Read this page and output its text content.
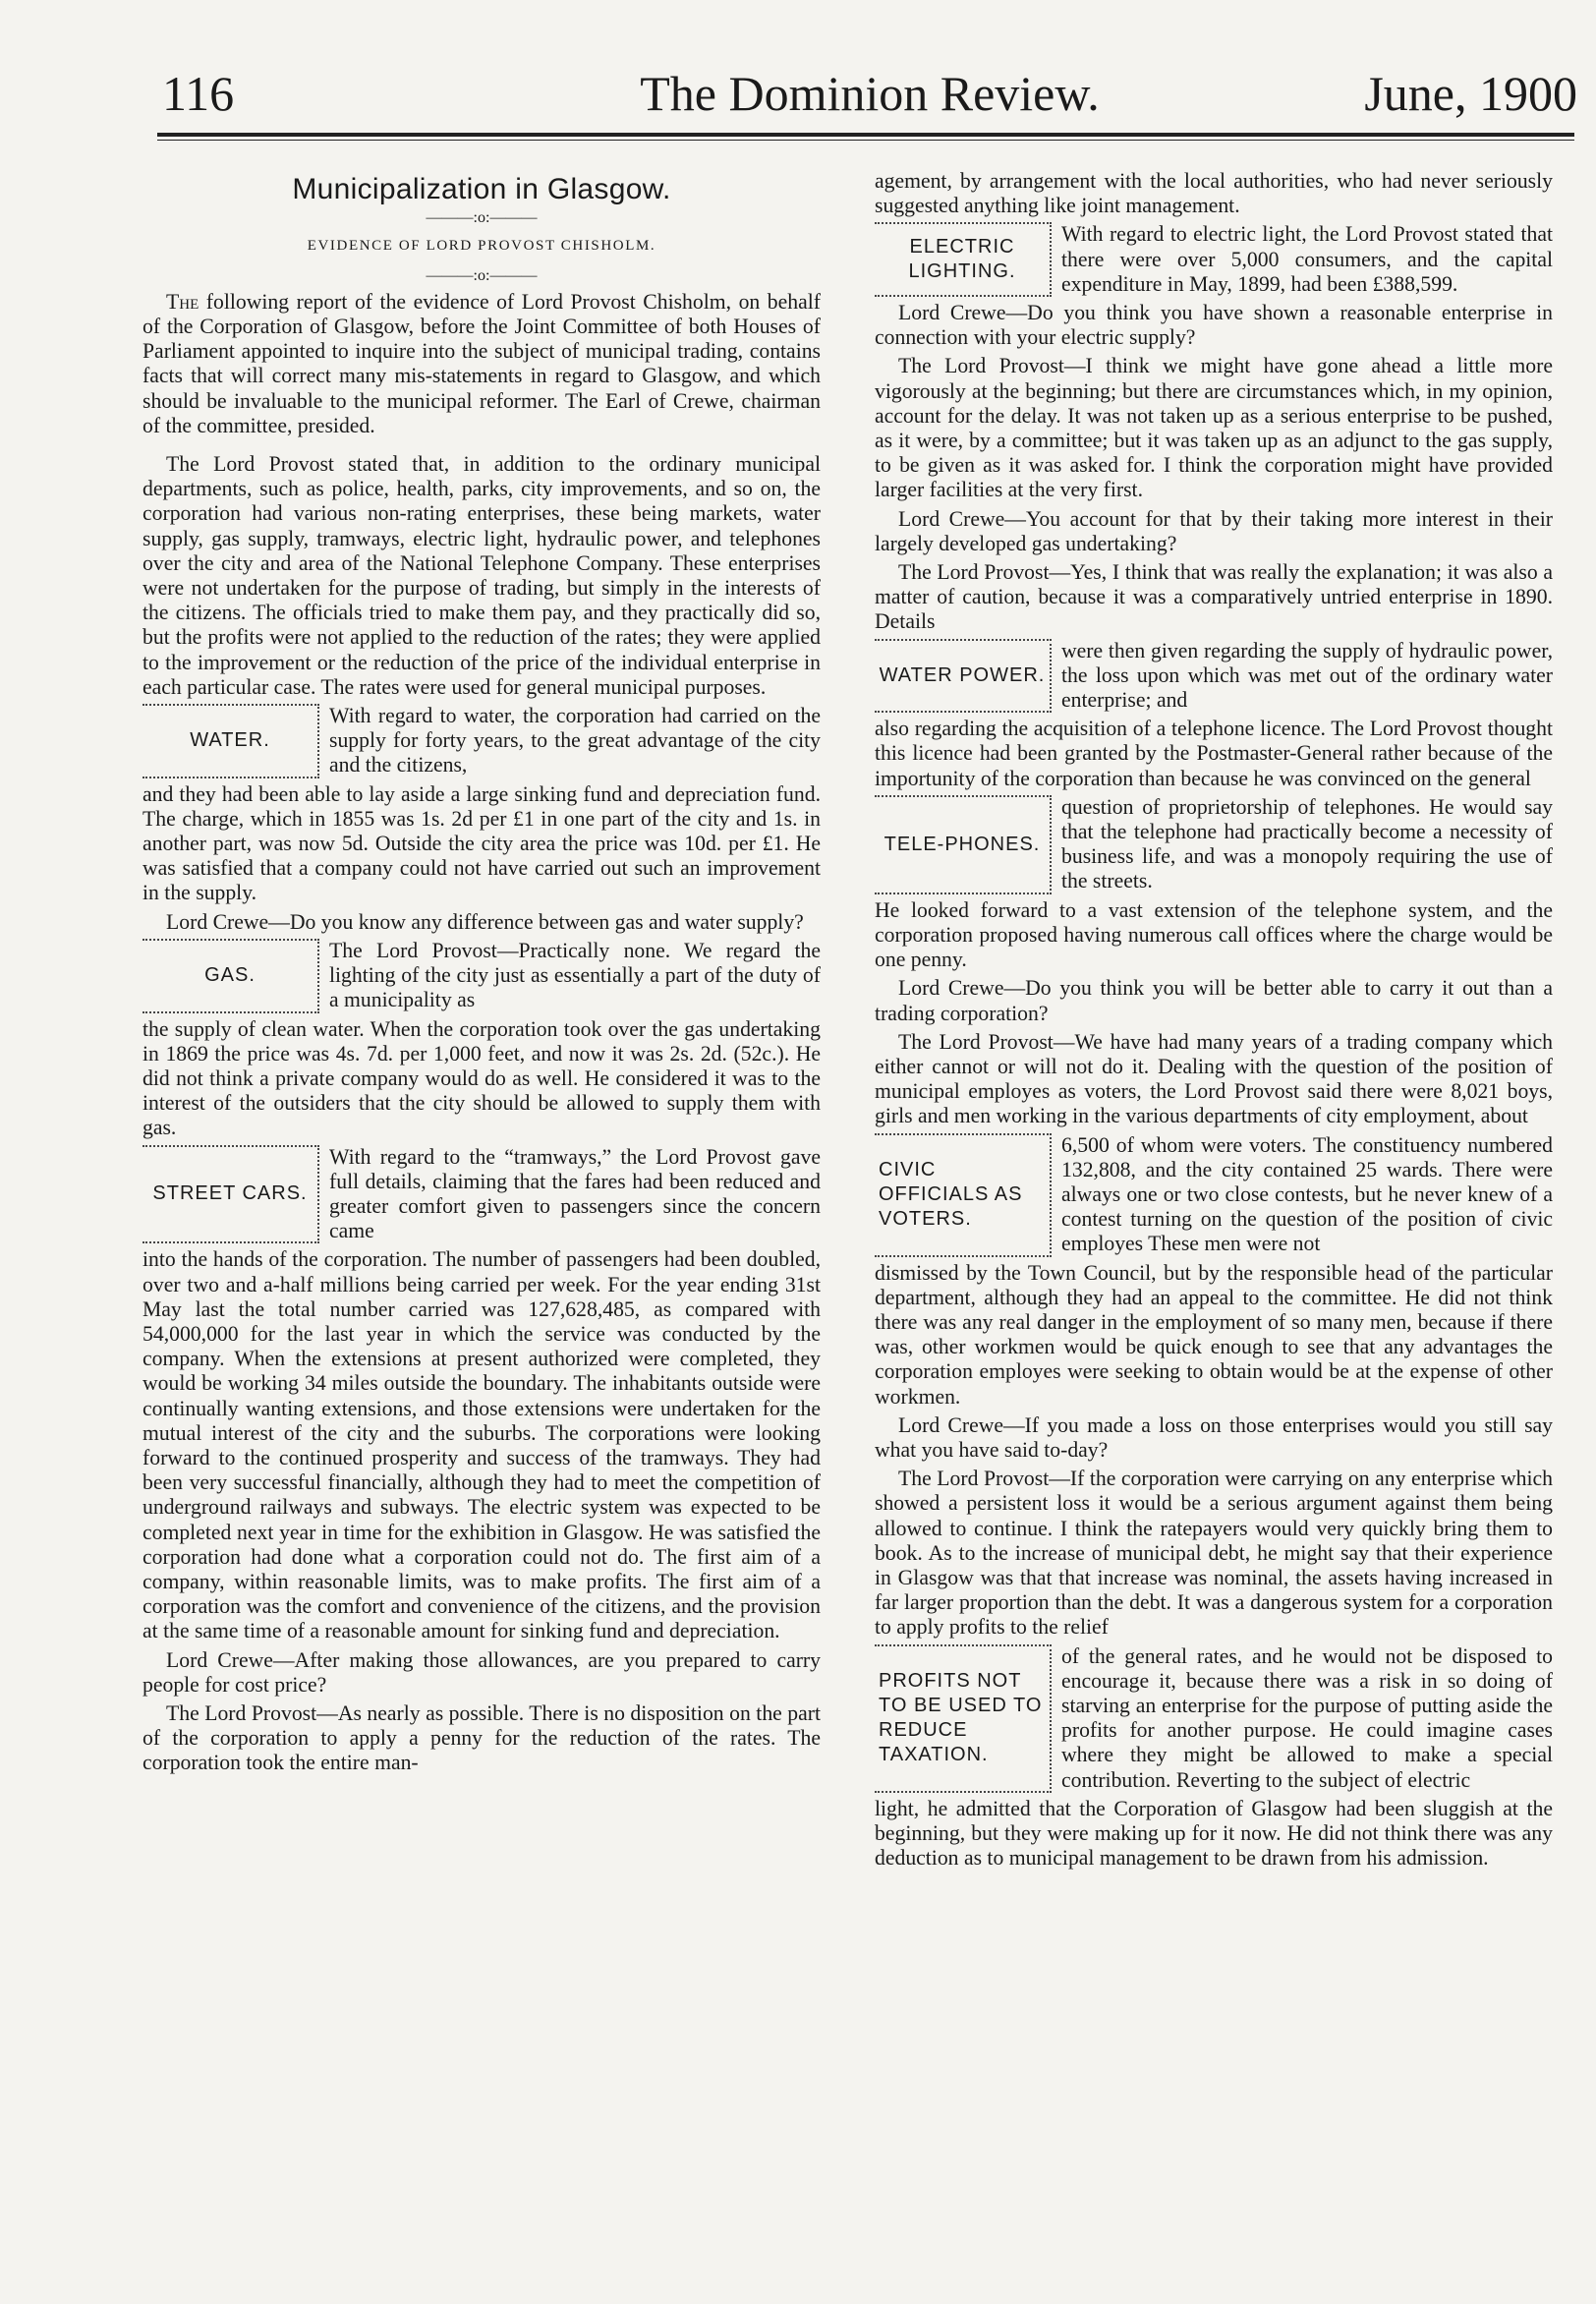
116	The Dominion Review.	June, 1900
Municipalization in Glasgow.
———:o:———
EVIDENCE OF LORD PROVOST CHISHOLM.
———:o:———

The following report of the evidence of Lord Provost Chisholm, on behalf of the Corporation of Glasgow, before the Joint Committee of both Houses of Parliament appointed to inquire into the subject of municipal trading, contains facts that will correct many mis-statements in regard to Glasgow, and which should be invaluable to the municipal reformer. The Earl of Crewe, chairman of the committee, presided.

The Lord Provost stated that, in addition to the ordinary municipal departments, such as police, health, parks, city improvements, and so on, the corporation had various non-rating enterprises, these being markets, water supply, gas supply, tramways, electric light, hydraulic power, and telephones over the city and area of the National Telephone Company. These enterprises were not undertaken for the purpose of trading, but simply in the interests of the citizens. The officials tried to make them pay, and they practically did so, but the profits were not applied to the reduction of the rates; they were applied to the improvement or the reduction of the price of the individual enterprise in each particular case. The rates were used for general municipal purposes.

WATER.
With regard to water, the corporation had carried on the supply for forty years, to the great advantage of the city and the citizens,

and they had been able to lay aside a large sinking fund and depreciation fund. The charge, which in 1855 was 1s. 2d per £1 in one part of the city and 1s. in another part, was now 5d. Outside the city area the price was 10d. per £1. He was satisfied that a company could not have carried out such an improvement in the supply.

Lord Crewe—Do you know any difference between gas and water supply?

GAS.
The Lord Provost—Practically none. We regard the lighting of the city just as essentially a part of the duty of a municipality as

the supply of clean water. When the corporation took over the gas undertaking in 1869 the price was 4s. 7d. per 1,000 feet, and now it was 2s. 2d. (52c.). He did not think a private company would do as well. He considered it was to the interest of the outsiders that the city should be allowed to supply them with gas.

STREET CARS.
With regard to the “tramways,” the Lord Provost gave full details, claiming that the fares had been reduced and greater comfort given to passengers since the concern came

into the hands of the corporation. The number of passengers had been doubled, over two and a-half millions being carried per week. For the year ending 31st May last the total number carried was 127,628,485, as compared with 54,000,000 for the last year in which the service was conducted by the company. When the extensions at present authorized were completed, they would be working 34 miles outside the boundary. The inhabitants outside were continually wanting extensions, and those extensions were undertaken for the mutual interest of the city and the suburbs. The corporations were looking forward to the continued prosperity and success of the tramways. They had been very successful financially, although they had to meet the competition of underground railways and subways. The electric system was expected to be completed next year in time for the exhibition in Glasgow. He was satisfied the corporation had done what a corporation could not do. The first aim of a company, within reasonable limits, was to make profits. The first aim of a corporation was the comfort and convenience of the citizens, and the provision at the same time of a reasonable amount for sinking fund and depreciation.

Lord Crewe—After making those allowances, are you prepared to carry people for cost price?

The Lord Provost—As nearly as possible. There is no disposition on the part of the corporation to apply a penny for the reduction of the rates. The corporation took the entire man-

agement, by arrangement with the local authorities, who had never seriously suggested anything like joint management.

ELECTRIC LIGHTING.
With regard to electric light, the Lord Provost stated that there were over 5,000 consumers, and the capital expenditure in May, 1899, had been £388,599.

Lord Crewe—Do you think you have shown a reasonable enterprise in connection with your electric supply?

The Lord Provost—I think we might have gone ahead a little more vigorously at the beginning; but there are circumstances which, in my opinion, account for the delay. It was not taken up as a serious enterprise to be pushed, as it were, by a committee; but it was taken up as an adjunct to the gas supply, to be given as it was asked for. I think the corporation might have provided larger facilities at the very first.

Lord Crewe—You account for that by their taking more interest in their largely developed gas undertaking?

The Lord Provost—Yes, I think that was really the explanation; it was also a matter of caution, because it was a comparatively untried enterprise in 1890. Details

WATER POWER.
were then given regarding the supply of hydraulic power, the loss upon which was met out of the ordinary water enterprise; and

also regarding the acquisition of a telephone licence. The Lord Provost thought this licence had been granted by the Postmaster-General rather because of the importunity of the corporation than because he was convinced on the general

TELE-PHONES.
question of proprietorship of telephones. He would say that the telephone had practically become a necessity of business life, and was a monopoly requiring the use of the streets.

He looked forward to a vast extension of the telephone system, and the corporation proposed having numerous call offices where the charge would be one penny.

Lord Crewe—Do you think you will be better able to carry it out than a trading corporation?

The Lord Provost—We have had many years of a trading company which either cannot or will not do it. Dealing with the question of the position of municipal employes as voters, the Lord Provost said there were 8,021 boys, girls and men working in the various departments of city employment, about

CIVIC OFFICIALS AS VOTERS.
6,500 of whom were voters. The constituency numbered 132,808, and the city contained 25 wards. There were always one or two close contests, but he never knew of a contest turning on the question of the position of civic employes These men were not

dismissed by the Town Council, but by the responsible head of the particular department, although they had an appeal to the committee. He did not think there was any real danger in the employment of so many men, because if there was, other workmen would be quick enough to see that any advantages the corporation employes were seeking to obtain would be at the expense of other workmen.

Lord Crewe—If you made a loss on those enterprises would you still say what you have said to-day?

The Lord Provost—If the corporation were carrying on any enterprise which showed a persistent loss it would be a serious argument against them being allowed to continue. I think the ratepayers would very quickly bring them to book. As to the increase of municipal debt, he might say that their experience in Glasgow was that that increase was nominal, the assets having increased in far larger proportion than the debt. It was a dangerous system for a corporation to apply profits to the relief

PROFITS NOT TO BE USED TO REDUCE TAXATION.
of the general rates, and he would not be disposed to encourage it, because there was a risk in so doing of starving an enterprise for the purpose of putting aside the profits for another purpose. He could imagine cases where they might be allowed to make a special contribution. Reverting to the subject of electric

light, he admitted that the Corporation of Glasgow had been sluggish at the beginning, but they were making up for it now. He did not think there was any deduction as to municipal management to be drawn from his admission.
